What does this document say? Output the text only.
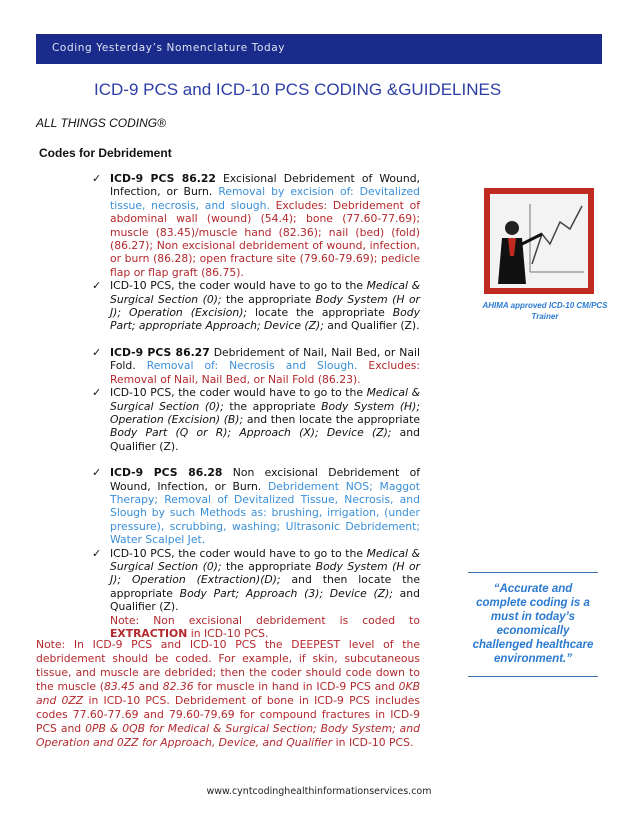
Coding Yesterday’s Nomenclature Today
ICD-9 PCS and ICD-10 PCS CODING &GUIDELINES
ALL THINGS CODING®
Codes for Debridement
✓ ICD-9 PCS 86.22 Excisional Debridement of Wound, Infection, or Burn. Removal by excision of: Devitalized tissue, necrosis, and slough. Excludes: Debridement of abdominal wall (wound) (54.4); bone (77.60-77.69); muscle (83.45)/muscle hand (82.36); nail (bed) (fold) (86.27); Non excisional debridement of wound, infection, or burn (86.28); open fracture site (79.60-79.69); pedicle flap or flap graft (86.75).
✓ ICD-10 PCS, the coder would have to go to the Medical & Surgical Section (0); the appropriate Body System (H or J); Operation (Excision); locate the appropriate Body Part; appropriate Approach; Device (Z); and Qualifier (Z).
✓ ICD-9 PCS 86.27 Debridement of Nail, Nail Bed, or Nail Fold. Removal of: Necrosis and Slough. Excludes: Removal of Nail, Nail Bed, or Nail Fold (86.23).
✓ ICD-10 PCS, the coder would have to go to the Medical & Surgical Section (0); the appropriate Body System (H); Operation (Excision) (B); and then locate the appropriate Body Part (Q or R); Approach (X); Device (Z); and Qualifier (Z).
✓ ICD-9 PCS 86.28 Non excisional Debridement of Wound, Infection, or Burn. Debridement NOS; Maggot Therapy; Removal of Devitalized Tissue, Necrosis, and Slough by such Methods as: brushing, irrigation, (under pressure), scrubbing, washing; Ultrasonic Debridement; Water Scalpel Jet.
✓ ICD-10 PCS, the coder would have to go to the Medical & Surgical Section (0); the appropriate Body System (H or J); Operation (Extraction)(D); and then locate the appropriate Body Part; Approach (3); Device (Z); and Qualifier (Z).
Note: Non excisional debridement is coded to EXTRACTION in ICD-10 PCS.
Note: In ICD-9 PCS and ICD-10 PCS the DEEPEST level of the debridement should be coded. For example, if skin, subcutaneous tissue, and muscle are debrided; then the coder should code down to the muscle (83.45 and 82.36 for muscle in hand in ICD-9 PCS and 0KB and 0ZZ in ICD-10 PCS. Debridement of bone in ICD-9 PCS includes codes 77.60-77.69 and 79.60-79.69 for compound fractures in ICD-9 PCS and 0PB & 0QB for Medical & Surgical Section; Body System; and Operation and 0ZZ for Approach, Device, and Qualifier in ICD-10 PCS.
AHIMA approved ICD-10 CM/PCS Trainer
“Accurate and complete coding is a must in today’s economically challenged healthcare environment.”
www.cyntcodinghealthinformationservices.com
